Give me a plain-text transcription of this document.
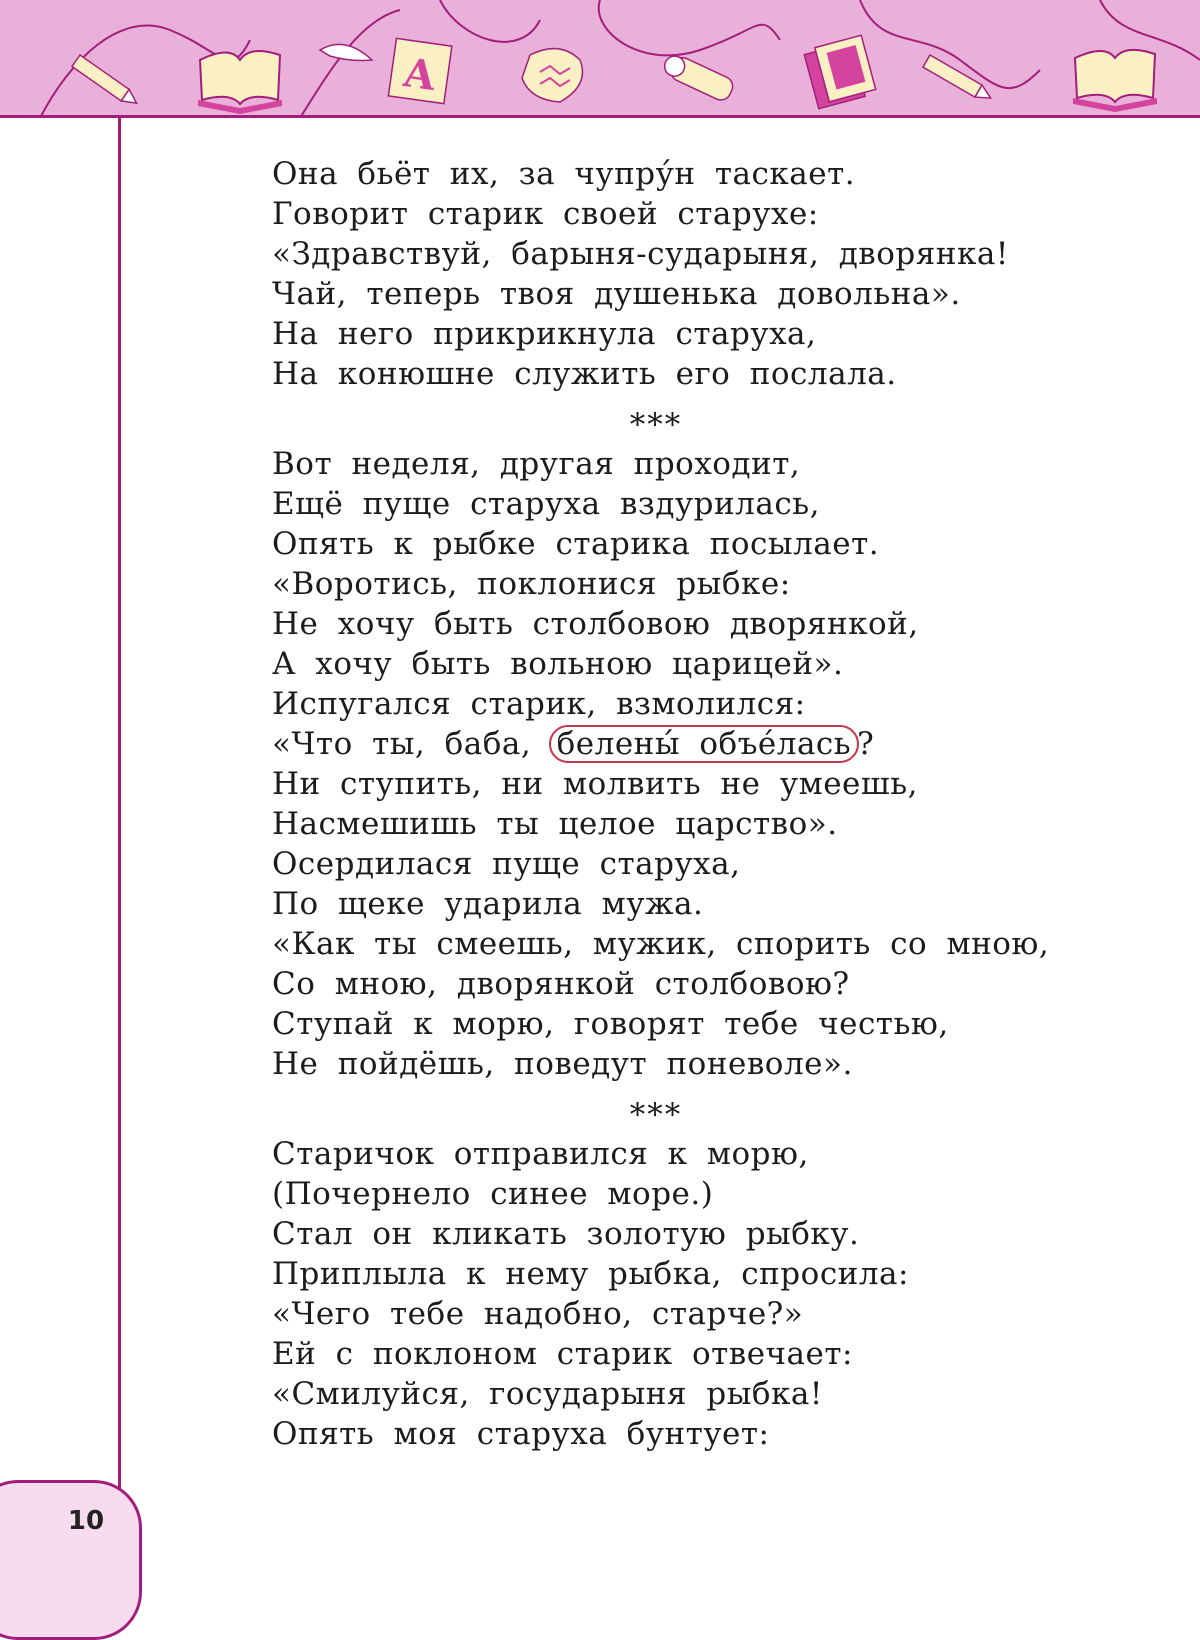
А
10
Она бьёт их, за чупру́н таскает.
Говорит старик своей старухе:
«Здравствуй, барыня-сударыня, дворянка!
Чай, теперь твоя душенька довольна».
На него прикрикнула старуха,
На конюшне служить его послала.
***
Вот неделя, другая проходит,
Ещё пуще старуха вздурилась,
Опять к рыбке старика посылает.
«Воротись, поклонися рыбке:
Не хочу быть столбовою дворянкой,
А хочу быть вольною царицей».
Испугался старик, взмолился:
«Что ты, баба, белены́ объе́лась ?
Ни ступить, ни молвить не умеешь,
Насмешишь ты целое царство».
Осердилася пуще старуха,
По щеке ударила мужа.
«Как ты смеешь, мужик, спорить со мною,
Со мною, дворянкой столбовою?
Ступай к морю, говорят тебе честью,
Не пойдёшь, поведут поневоле».
***
Старичок отправился к морю,
(Почернело синее море.)
Стал он кликать золотую рыбку.
Приплыла к нему рыбка, спросила:
«Чего тебе надобно, старче?»
Ей с поклоном старик отвечает:
«Смилуйся, государыня рыбка!
Опять моя старуха бунтует:
